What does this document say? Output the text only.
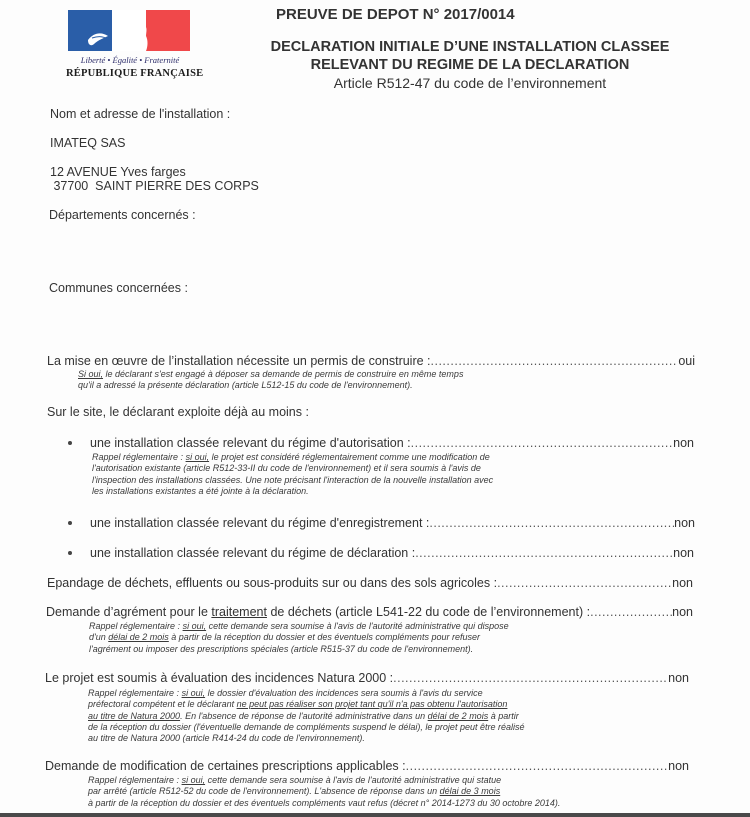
Liberté • Égalité • Fraternité
RÉPUBLIQUE FRANÇAISE
PREUVE DE DEPOT N° 2017/0014
DECLARATION INITIALE D’UNE INSTALLATION CLASSEE
RELEVANT DU REGIME DE LA DECLARATION
Article R512-47 du code de l’environnement
Nom et adresse de l'installation :
IMATEQ SAS
12 AVENUE Yves farges
37700  SAINT PIERRE DES CORPS
Départements concernés :
Communes concernées :
La mise en œuvre de l’installation nécessite un permis de construire : .....	oui
Si oui, le déclarant s'est engagé à déposer sa demande de permis de construire en même temps
qu'il a adressé la présente déclaration (article L512-15 du code de l'environnement).
Sur le site, le déclarant exploite déjà au moins :
une installation classée relevant du régime d'autorisation : .....	non
Rappel réglementaire : si oui, le projet est considéré réglementairement comme une modification de
l'autorisation existante (article R512-33-II du code de l'environnement) et il sera soumis à l'avis de
l'inspection des installations classées. Une note précisant l'interaction de la nouvelle installation avec
les installations existantes a été jointe à la déclaration.
une installation classée relevant du régime d'enregistrement : .....	non
une installation classée relevant du régime de déclaration : .....	non
Epandage de déchets, effluents ou sous-produits sur ou dans des sols agricoles : .....	non
Demande d’agrément pour le traitement de déchets (article L541-22 du code de l’environnement) : .....	non
Rappel réglementaire : si oui, cette demande sera soumise à l'avis de l'autorité administrative qui dispose
d'un délai de 2 mois à partir de la réception du dossier et des éventuels compléments pour refuser
l'agrément ou imposer des prescriptions spéciales (article R515-37 du code de l'environnement).
Le projet est soumis à évaluation des incidences Natura 2000 : .....	non
Rappel réglementaire : si oui, le dossier d'évaluation des incidences sera soumis à l'avis du service
préfectoral compétent et le déclarant ne peut pas réaliser son projet tant qu'il n'a pas obtenu l'autorisation
au titre de Natura 2000. En l'absence de réponse de l'autorité administrative dans un délai de 2 mois à partir
de la réception du dossier (l'éventuelle demande de compléments suspend le délai), le projet peut être réalisé
au titre de Natura 2000 (article R414-24 du code de l'environnement).
Demande de modification de certaines prescriptions applicables : .....	non
Rappel réglementaire : si oui, cette demande sera soumise à l'avis de l'autorité administrative qui statue
par arrêté (article R512-52 du code de l'environnement). L'absence de réponse dans un délai de 3 mois
à partir de la réception du dossier et des éventuels compléments vaut refus (décret n° 2014-1273 du 30 octobre 2014).
